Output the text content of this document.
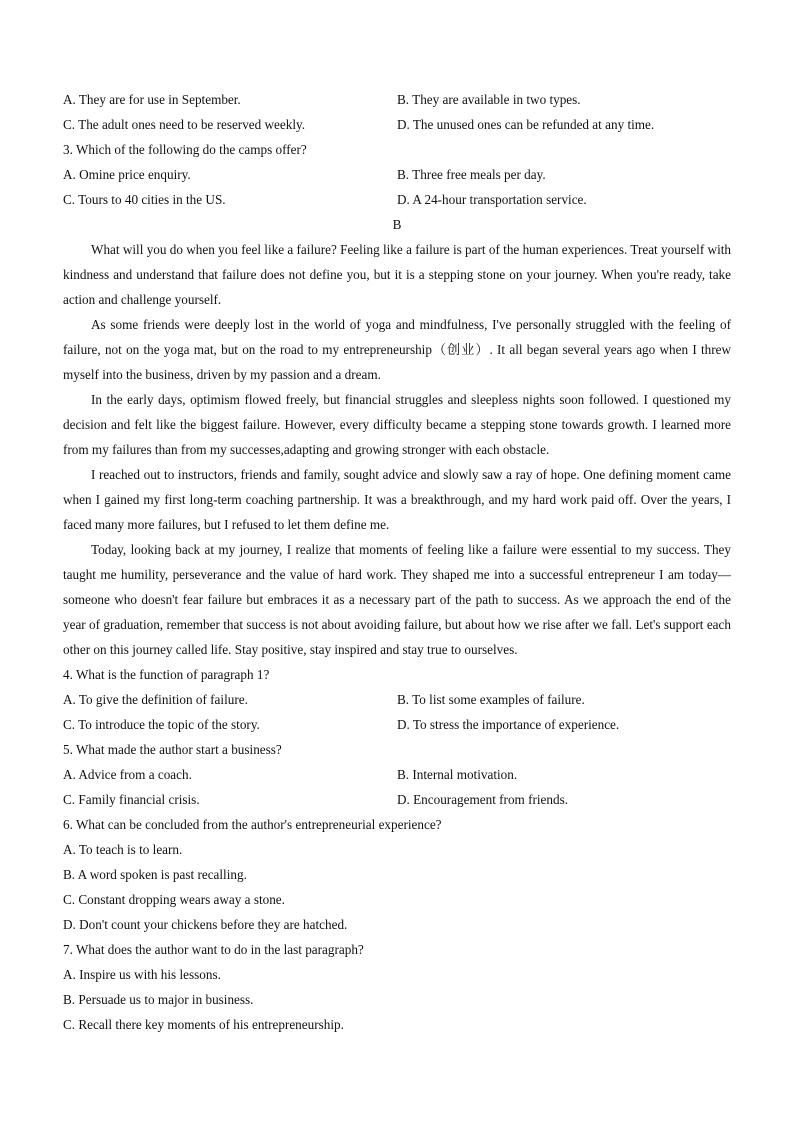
A. They are for use in September.	B. They are available in two types.
C. The adult ones need to be reserved weekly.	D. The unused ones can be refunded at any time.
3. Which of the following do the camps offer?
A. Omine price enquiry.	B. Three free meals per day.
C. Tours to 40 cities in the US.	D. A 24-hour transportation service.
B

What will you do when you feel like a failure? Feeling like a failure is part of the human experiences. Treat yourself with kindness and understand that failure does not define you, but it is a stepping stone on your journey. When you're ready, take action and challenge yourself.

As some friends were deeply lost in the world of yoga and mindfulness, I've personally struggled with the feeling of failure, not on the yoga mat, but on the road to my entrepreneurship（创业）. It all began several years ago when I threw myself into the business, driven by my passion and a dream.

In the early days, optimism flowed freely, but financial struggles and sleepless nights soon followed. I questioned my decision and felt like the biggest failure. However, every difficulty became a stepping stone towards growth. I learned more from my failures than from my successes,adapting and growing stronger with each obstacle.

I reached out to instructors, friends and family, sought advice and slowly saw a ray of hope. One defining moment came when I gained my first long-term coaching partnership. It was a breakthrough, and my hard work paid off. Over the years, I faced many more failures, but I refused to let them define me.

Today, looking back at my journey, I realize that moments of feeling like a failure were essential to my success. They taught me humility, perseverance and the value of hard work. They shaped me into a successful entrepreneur I am today—someone who doesn't fear failure but embraces it as a necessary part of the path to success. As we approach the end of the year of graduation, remember that success is not about avoiding failure, but about how we rise after we fall. Let's support each other on this journey called life. Stay positive, stay inspired and stay true to ourselves.

4. What is the function of paragraph 1?
A. To give the definition of failure.	B. To list some examples of failure.
C. To introduce the topic of the story.	D. To stress the importance of experience.
5. What made the author start a business?
A. Advice from a coach.	B. Internal motivation.
C. Family financial crisis.	D. Encouragement from friends.
6. What can be concluded from the author's entrepreneurial experience?
A. To teach is to learn.
B. A word spoken is past recalling.
C. Constant dropping wears away a stone.
D. Don't count your chickens before they are hatched.
7. What does the author want to do in the last paragraph?
A. Inspire us with his lessons.
B. Persuade us to major in business.
C. Recall there key moments of his entrepreneurship.
